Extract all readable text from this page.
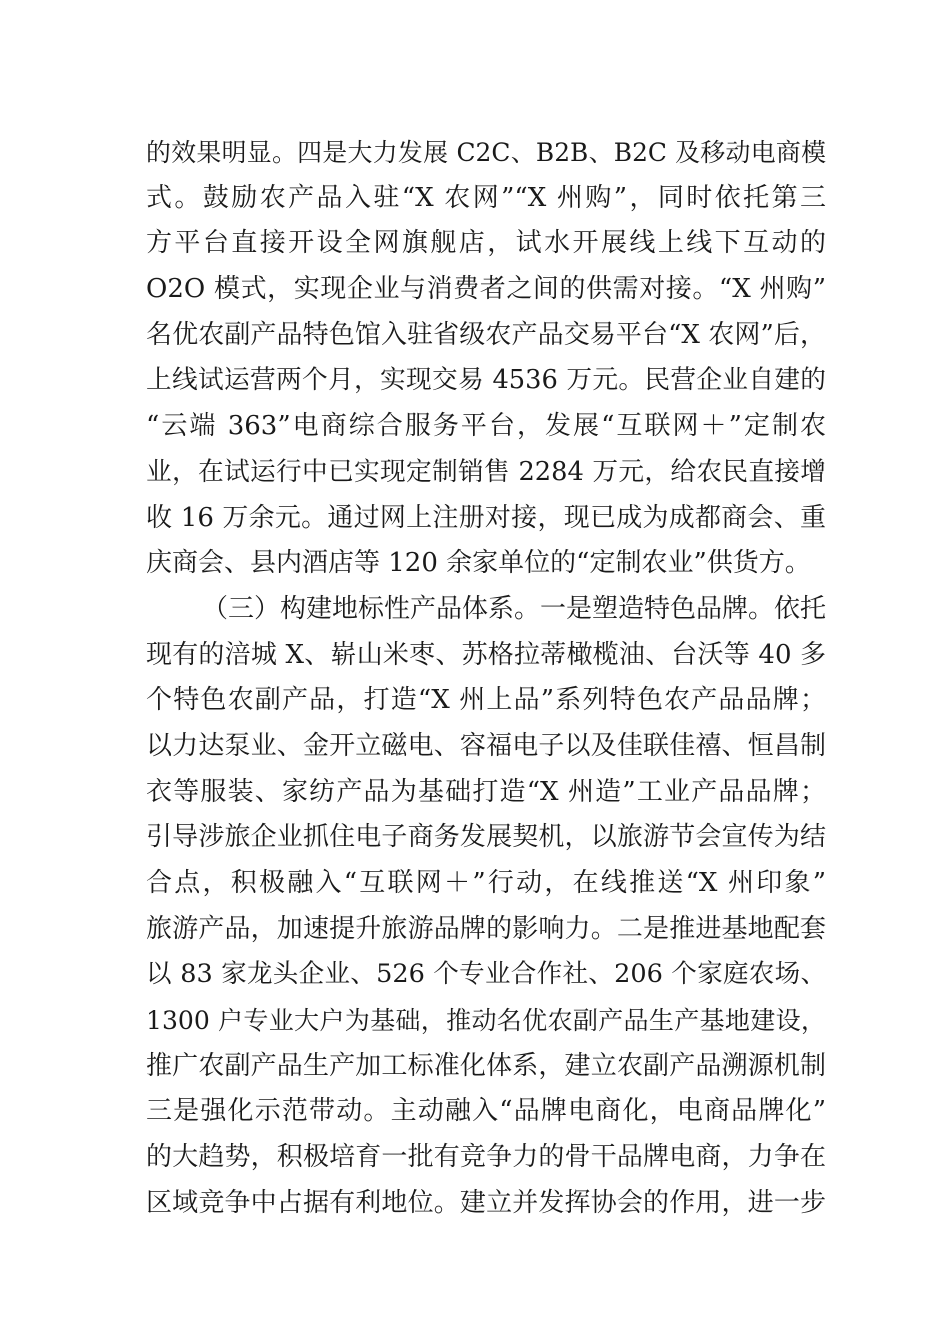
的效果明显。四是大力发展 C2C、B2B、B2C 及移动电商模
式。鼓励农产品入驻“X 农网”“X 州购”，同时依托第三
方平台直接开设全网旗舰店，试水开展线上线下互动的
O2O 模式，实现企业与消费者之间的供需对接。“X 州购”
名优农副产品特色馆入驻省级农产品交易平台“X 农网”后，
上线试运营两个月，实现交易 4536 万元。民营企业自建的
“云端 363”电商综合服务平台，发展“互联网＋”定制农
业，在试运行中已实现定制销售 2284 万元，给农民直接增
收 16 万余元。通过网上注册对接，现已成为成都商会、重
庆商会、县内酒店等 120 余家单位的“定制农业”供货方。
（三）构建地标性产品体系。一是塑造特色品牌。依托
现有的涪城 X、崭山米枣、苏格拉蒂橄榄油、台沃等 40 多
个特色农副产品，打造“X 州上品”系列特色农产品品牌；
以力达泵业、金开立磁电、容福电子以及佳联佳禧、恒昌制
衣等服装、家纺产品为基础打造“X 州造”工业产品品牌；
引导涉旅企业抓住电子商务发展契机，以旅游节会宣传为结
合点，积极融入“互联网＋”行动，在线推送“X 州印象”
旅游产品，加速提升旅游品牌的影响力。二是推进基地配套
以 83 家龙头企业、526 个专业合作社、206 个家庭农场、
1300 户专业大户为基础，推动名优农副产品生产基地建设，
推广农副产品生产加工标准化体系，建立农副产品溯源机制
三是强化示范带动。主动融入“品牌电商化，电商品牌化”
的大趋势，积极培育一批有竞争力的骨干品牌电商，力争在
区域竞争中占据有利地位。建立并发挥协会的作用，进一步
